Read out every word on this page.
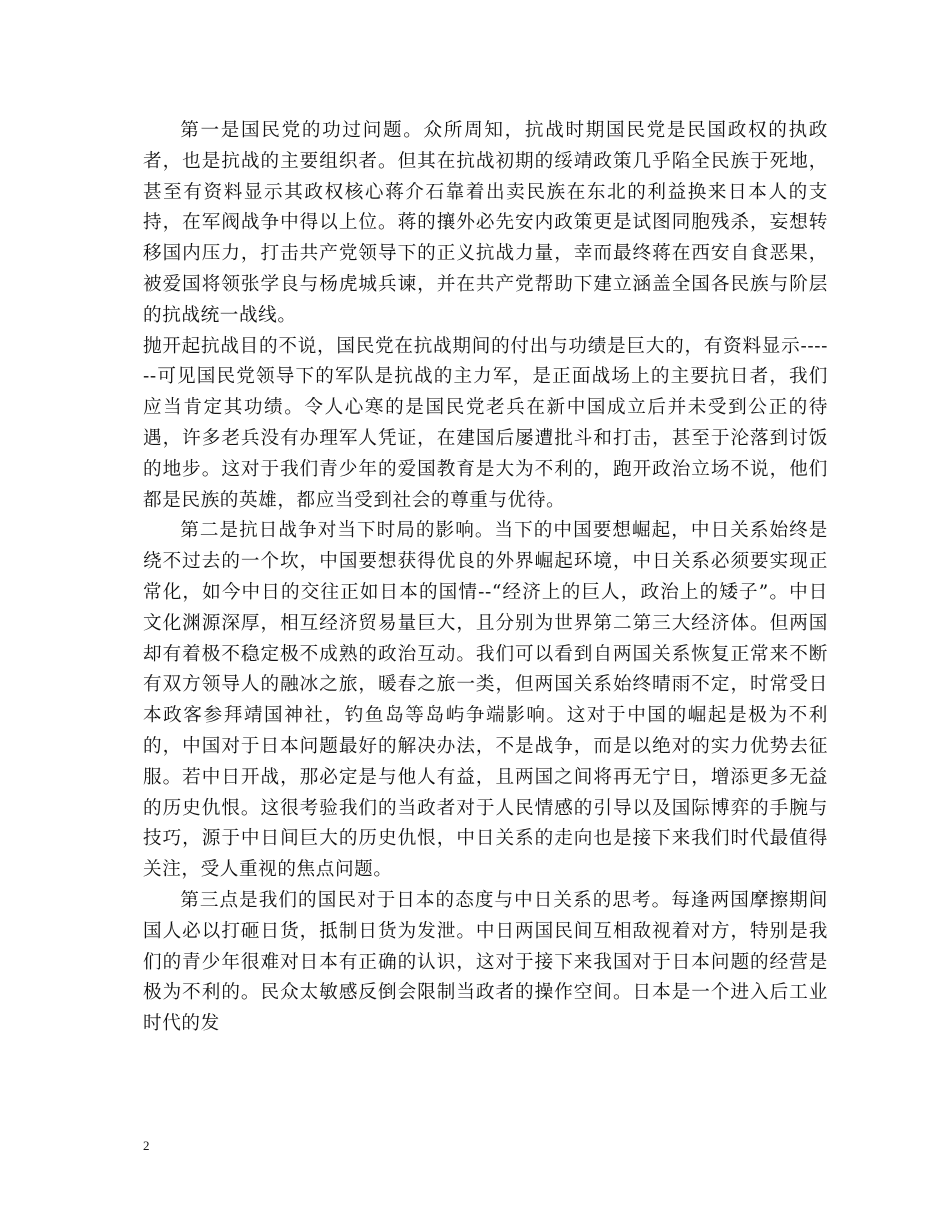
第一是国民党的功过问题。众所周知，抗战时期国民党是民国政权的执政者，也是抗战的主要组织者。但其在抗战初期的绥靖政策几乎陷全民族于死地，甚至有资料显示其政权核心蒋介石靠着出卖民族在东北的利益换来日本人的支持，在军阀战争中得以上位。蒋的攘外必先安内政策更是试图同胞残杀，妄想转移国内压力，打击共产党领导下的正义抗战力量，幸而最终蒋在西安自食恶果，被爱国将领张学良与杨虎城兵谏，并在共产党帮助下建立涵盖全国各民族与阶层的抗战统一战线。

抛开起抗战目的不说，国民党在抗战期间的付出与功绩是巨大的，有资料显示------可见国民党领导下的军队是抗战的主力军，是正面战场上的主要抗日者，我们应当肯定其功绩。令人心寒的是国民党老兵在新中国成立后并未受到公正的待遇，许多老兵没有办理军人凭证，在建国后屡遭批斗和打击，甚至于沦落到讨饭的地步。这对于我们青少年的爱国教育是大为不利的，跑开政治立场不说，他们都是民族的英雄，都应当受到社会的尊重与优待。

第二是抗日战争对当下时局的影响。当下的中国要想崛起，中日关系始终是绕不过去的一个坎，中国要想获得优良的外界崛起环境，中日关系必须要实现正常化，如今中日的交往正如日本的国情--“经济上的巨人，政治上的矮子”。中日文化渊源深厚，相互经济贸易量巨大，且分别为世界第二第三大经济体。但两国却有着极不稳定极不成熟的政治互动。我们可以看到自两国关系恢复正常来不断有双方领导人的融冰之旅，暖春之旅一类，但两国关系始终晴雨不定，时常受日本政客参拜靖国神社，钓鱼岛等岛屿争端影响。这对于中国的崛起是极为不利的，中国对于日本问题最好的解决办法，不是战争，而是以绝对的实力优势去征服。若中日开战，那必定是与他人有益，且两国之间将再无宁日，增添更多无益的历史仇恨。这很考验我们的当政者对于人民情感的引导以及国际博弈的手腕与技巧，源于中日间巨大的历史仇恨，中日关系的走向也是接下来我们时代最值得关注，受人重视的焦点问题。

第三点是我们的国民对于日本的态度与中日关系的思考。每逢两国摩擦期间国人必以打砸日货，抵制日货为发泄。中日两国民间互相敌视着对方，特别是我们的青少年很难对日本有正确的认识，这对于接下来我国对于日本问题的经营是极为不利的。民众太敏感反倒会限制当政者的操作空间。日本是一个进入后工业时代的发

2
